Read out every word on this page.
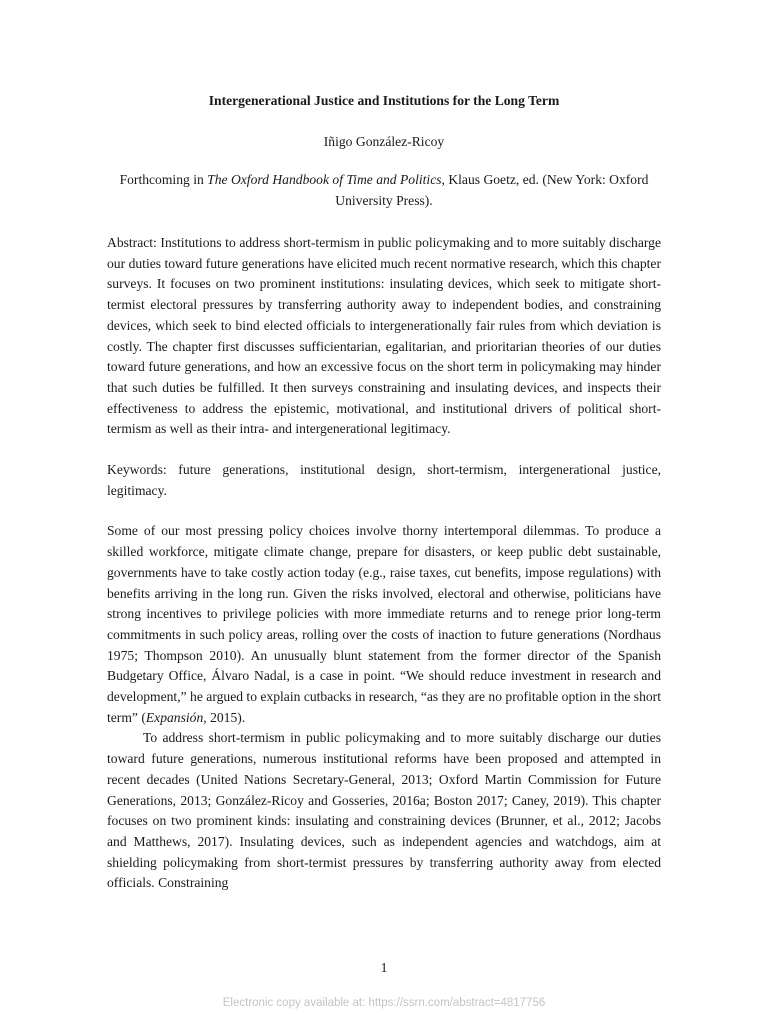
Intergenerational Justice and Institutions for the Long Term

Iñigo González-Ricoy

Forthcoming in The Oxford Handbook of Time and Politics, Klaus Goetz, ed. (New York: Oxford University Press).

Abstract: Institutions to address short-termism in public policymaking and to more suitably discharge our duties toward future generations have elicited much recent normative research, which this chapter surveys. It focuses on two prominent institutions: insulating devices, which seek to mitigate short-termist electoral pressures by transferring authority away to independent bodies, and constraining devices, which seek to bind elected officials to intergenerationally fair rules from which deviation is costly. The chapter first discusses sufficientarian, egalitarian, and prioritarian theories of our duties toward future generations, and how an excessive focus on the short term in policymaking may hinder that such duties be fulfilled. It then surveys constraining and insulating devices, and inspects their effectiveness to address the epistemic, motivational, and institutional drivers of political short-termism as well as their intra- and intergenerational legitimacy.

Keywords: future generations, institutional design, short-termism, intergenerational justice, legitimacy.

Some of our most pressing policy choices involve thorny intertemporal dilemmas. To produce a skilled workforce, mitigate climate change, prepare for disasters, or keep public debt sustainable, governments have to take costly action today (e.g., raise taxes, cut benefits, impose regulations) with benefits arriving in the long run. Given the risks involved, electoral and otherwise, politicians have strong incentives to privilege policies with more immediate returns and to renege prior long-term commitments in such policy areas, rolling over the costs of inaction to future generations (Nordhaus 1975; Thompson 2010). An unusually blunt statement from the former director of the Spanish Budgetary Office, Álvaro Nadal, is a case in point. “We should reduce investment in research and development,” he argued to explain cutbacks in research, “as they are no profitable option in the short term” (Expansión, 2015).

To address short-termism in public policymaking and to more suitably discharge our duties toward future generations, numerous institutional reforms have been proposed and attempted in recent decades (United Nations Secretary-General, 2013; Oxford Martin Commission for Future Generations, 2013; González-Ricoy and Gosseries, 2016a; Boston 2017; Caney, 2019). This chapter focuses on two prominent kinds: insulating and constraining devices (Brunner, et al., 2012; Jacobs and Matthews, 2017). Insulating devices, such as independent agencies and watchdogs, aim at shielding policymaking from short-termist pressures by transferring authority away from elected officials. Constraining

1
Electronic copy available at: https://ssrn.com/abstract=4817756
